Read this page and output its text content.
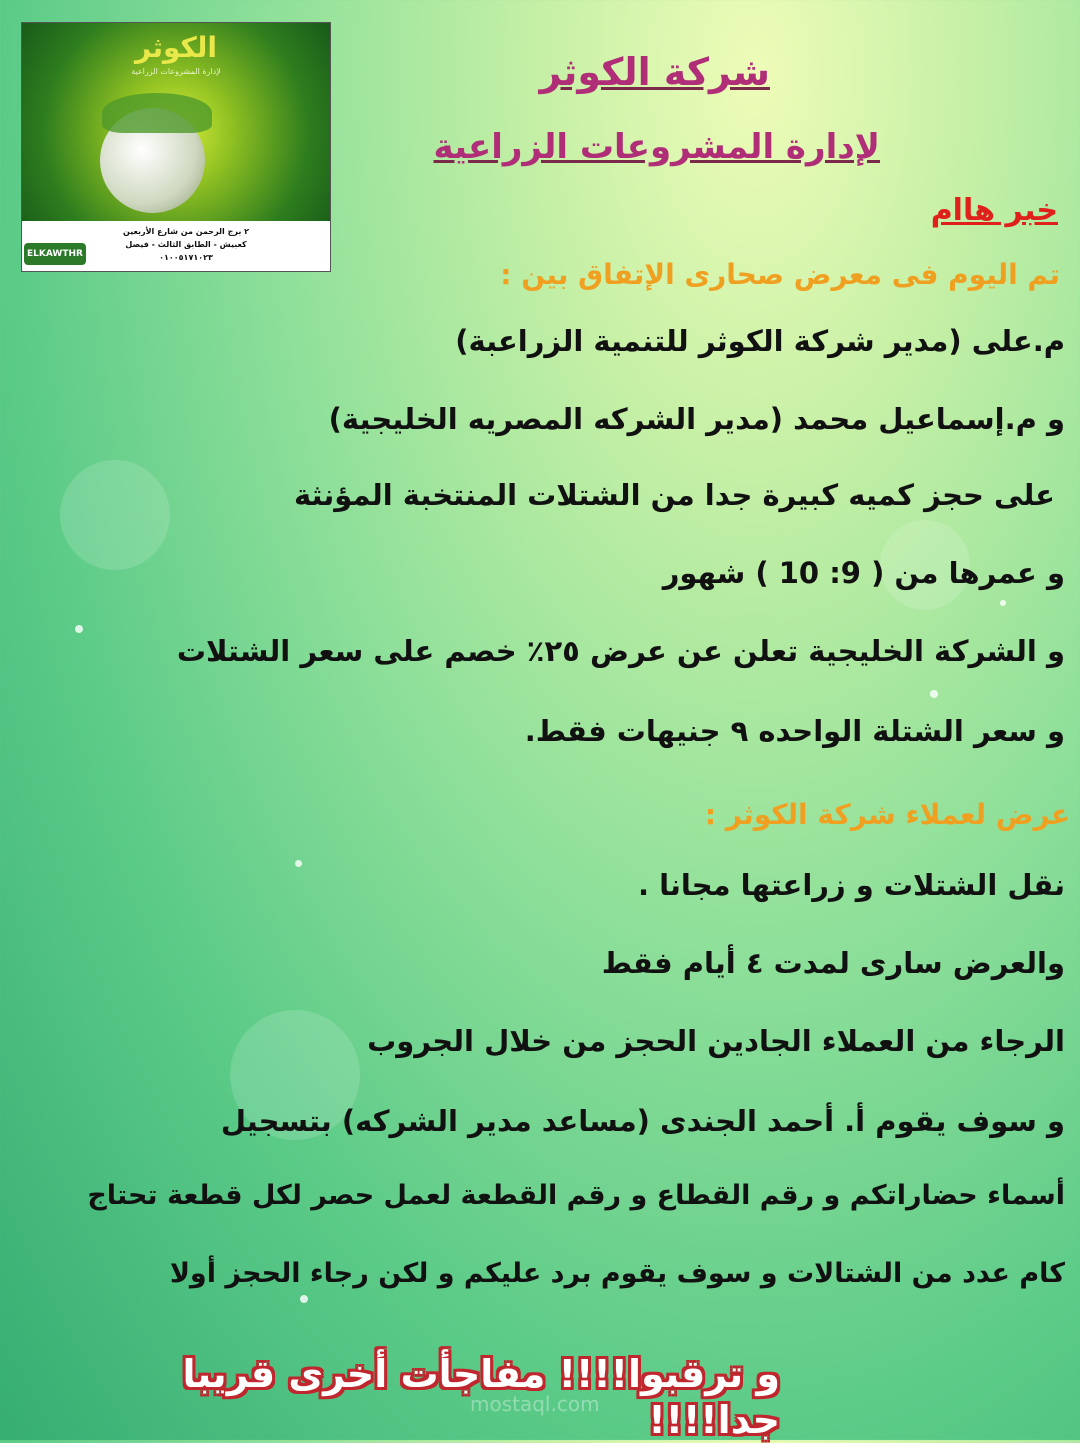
الكوثر
لإدارة المشروعات الزراعية
٢ برج الرحمن من شارع الأربعين
كعبيش - الطابق الثالث - فيصل
٠١٠٠٥١٧١٠٢٣
ELKAWTHR
شركة الكوثر
لإدارة المشروعات الزراعية
خبر هاام
تم اليوم فى معرض صحارى الإتفاق بين :
م.على (مدير شركة الكوثر للتنمية الزراعبة)
و م.إسماعيل محمد (مدير الشركه المصريه الخليجية)
على حجز كميه كبيرة جدا من الشتلات المنتخبة المؤنثة
و عمرها من ( 9: 10 ) شهور
و الشركة الخليجية تعلن عن عرض ٢٥٪ خصم على سعر الشتلات
و سعر الشتلة الواحده ٩ جنيهات فقط.
عرض لعملاء شركة الكوثر :
نقل الشتلات و زراعتها مجانا .
والعرض سارى لمدت ٤ أيام فقط
الرجاء من العملاء الجادين الحجز من خلال الجروب
و سوف يقوم أ. أحمد الجندى (مساعد مدير الشركه) بتسجيل
أسماء حضاراتكم و رقم القطاع و رقم القطعة لعمل حصر لكل قطعة تحتاج
كام عدد من الشتالات و سوف يقوم برد عليكم و لكن رجاء الحجز أولا
و ترقبوا!!!! مفاجأت أخرى قريبا جدا!!!!
mostaql.com
